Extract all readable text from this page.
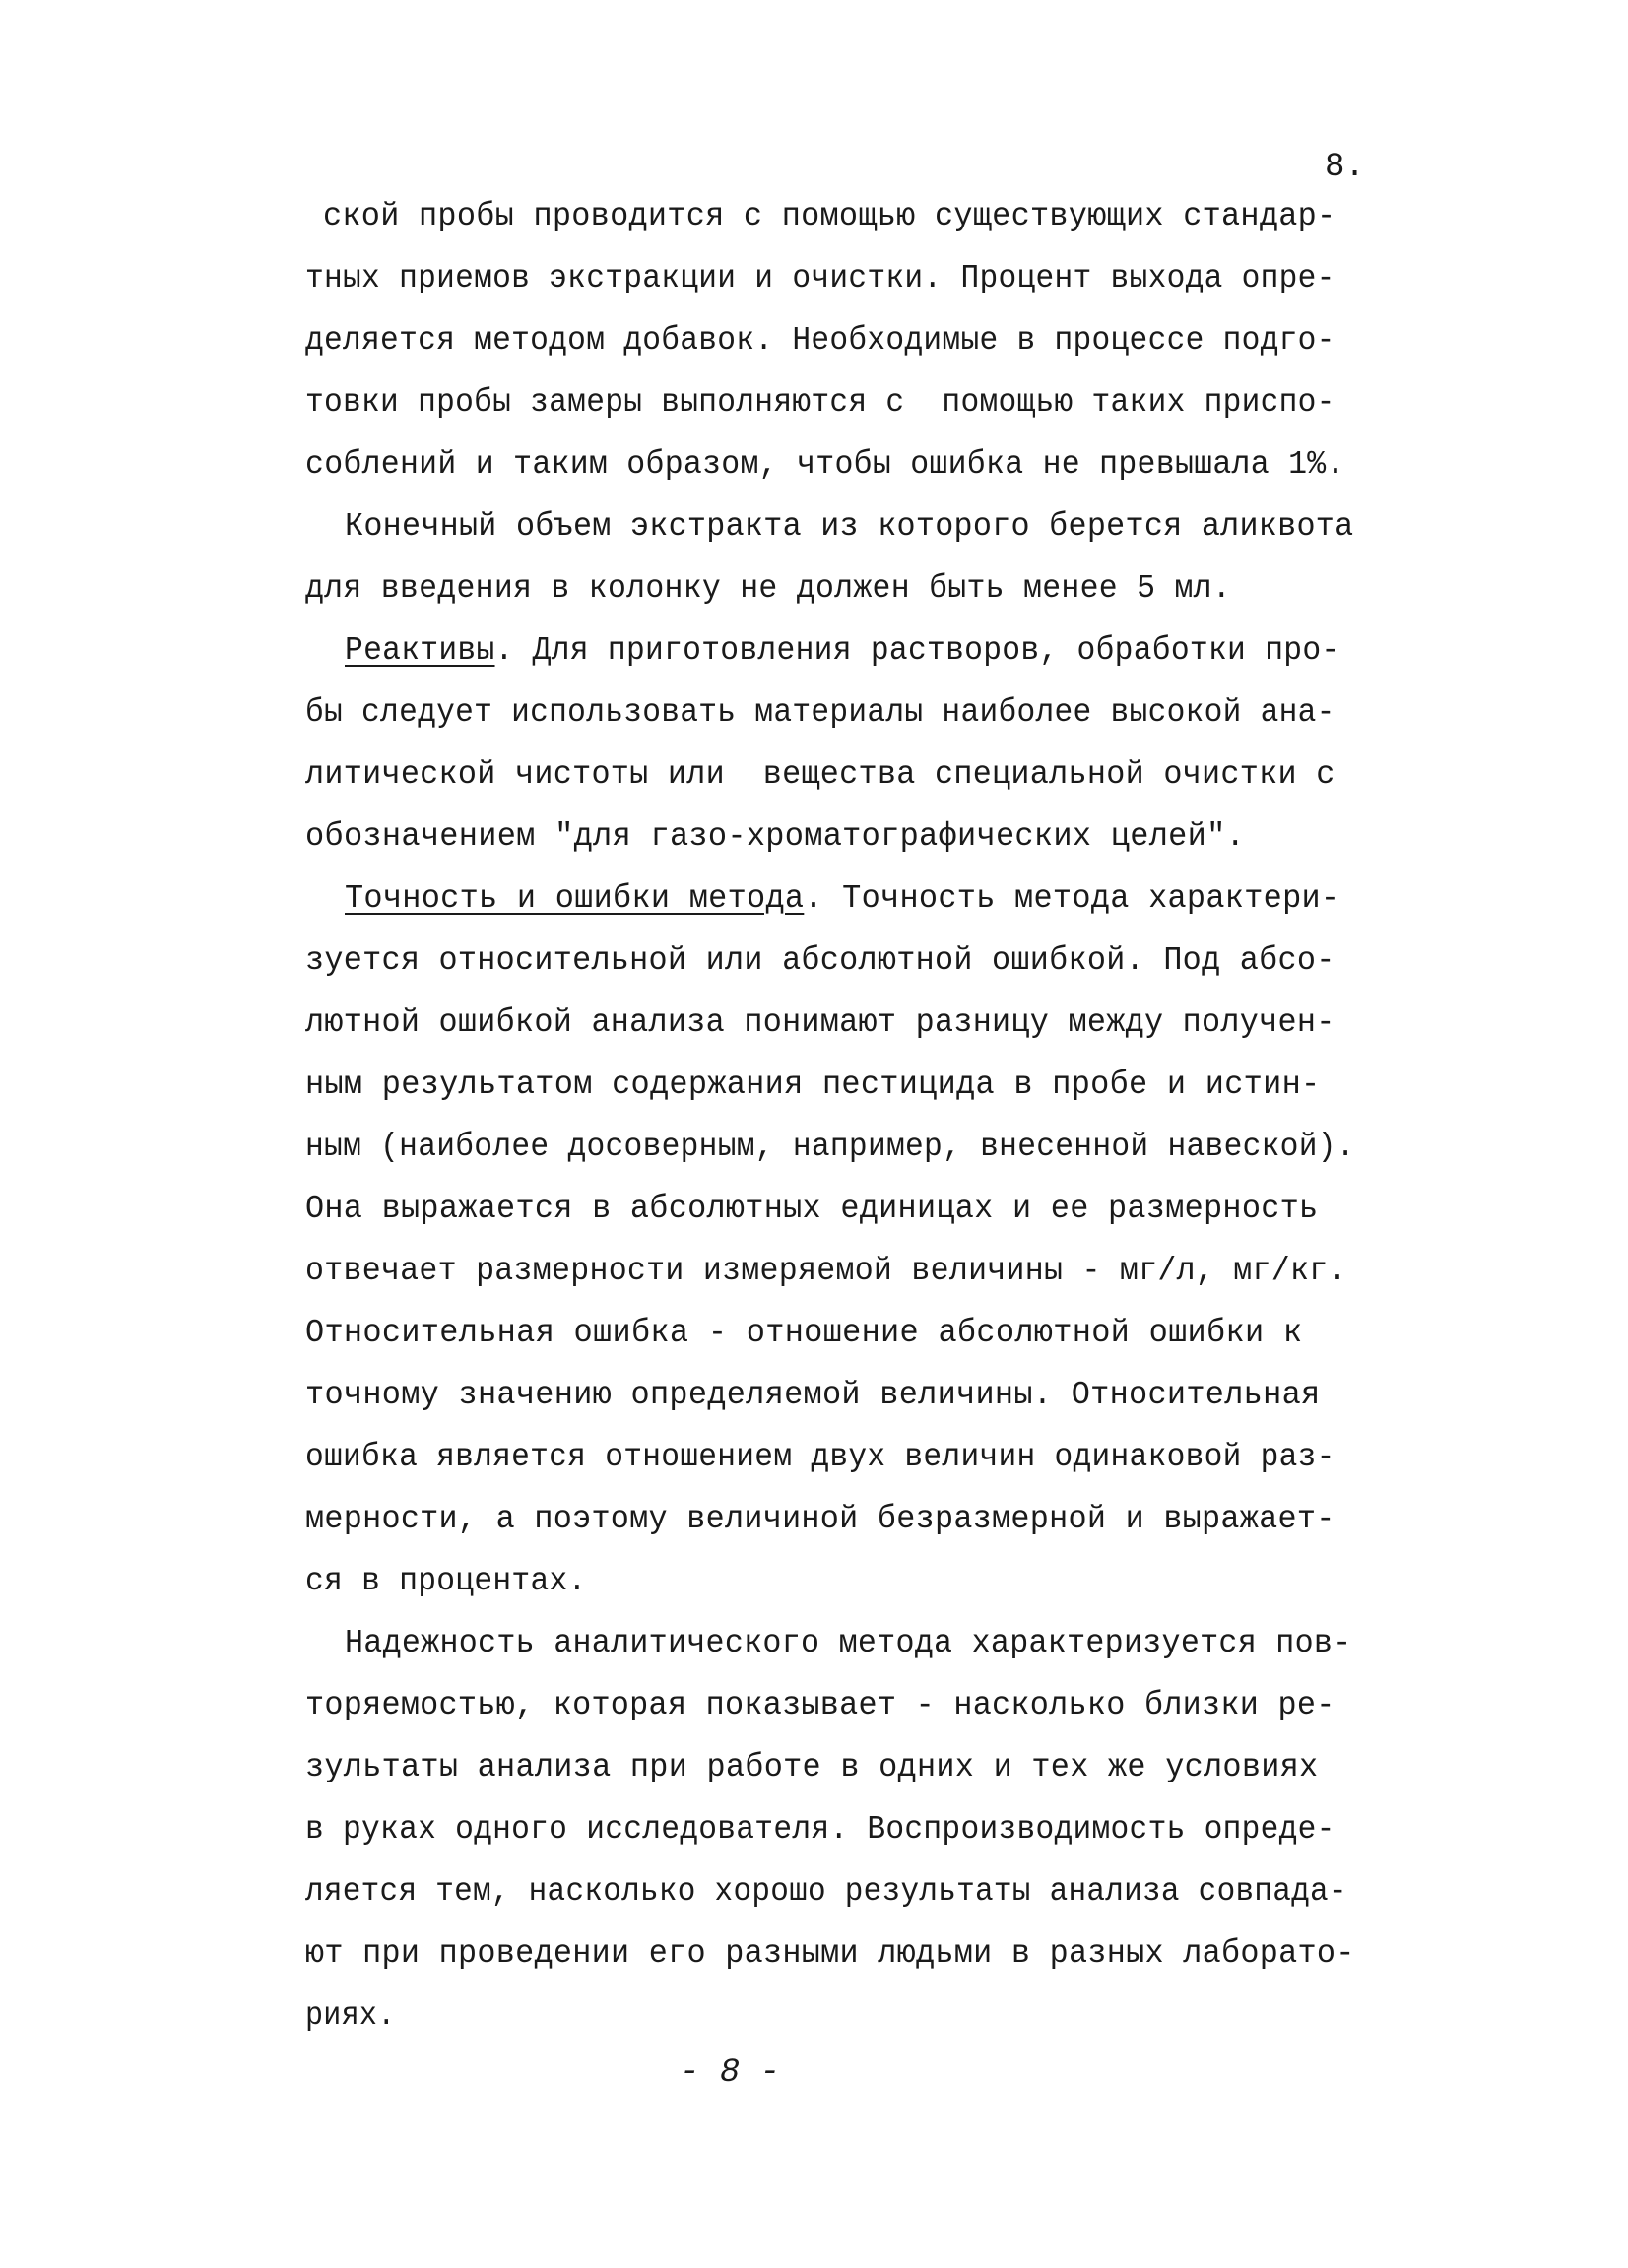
8.
ской пробы проводится с помощью существующих стандар-
тных приемов экстракции и очистки. Процент выхода опре-
деляется методом добавок. Необходимые в процессе подго-
товки пробы замеры выполняются с  помощью таких приспо-
соблений и таким образом, чтобы ошибка не превышала 1%.
Конечный объем экстракта из которого берется аликвота
для введения в колонку не должен быть менее 5 мл.
Реактивы. Для приготовления растворов, обработки про-
бы следует использовать материалы наиболее высокой ана-
литической чистоты или  вещества специальной очистки с
обозначением "для газо-хроматографических целей".
Точность и ошибки метода. Точность метода характери-
зуется относительной или абсолютной ошибкой. Под абсо-
лютной ошибкой анализа понимают разницу между получен-
ным результатом содержания пестицида в пробе и истин-
ным (наиболее досоверным, например, внесенной навеской).
Она выражается в абсолютных единицах и ее размерность
отвечает размерности измеряемой величины - мг/л, мг/кг.
Относительная ошибка - отношение абсолютной ошибки к
точному значению определяемой величины. Относительная
ошибка является отношением двух величин одинаковой раз-
мерности, а поэтому величиной безразмерной и выражает-
ся в процентах.
Надежность аналитического метода характеризуется пов-
торяемостью, которая показывает - насколько близки ре-
зультаты анализа при работе в одних и тех же условиях
в руках одного исследователя. Воспроизводимость опреде-
ляется тем, насколько хорошо результаты анализа совпада-
ют при проведении его разными людьми в разных лаборато-
риях.
- 8 -
